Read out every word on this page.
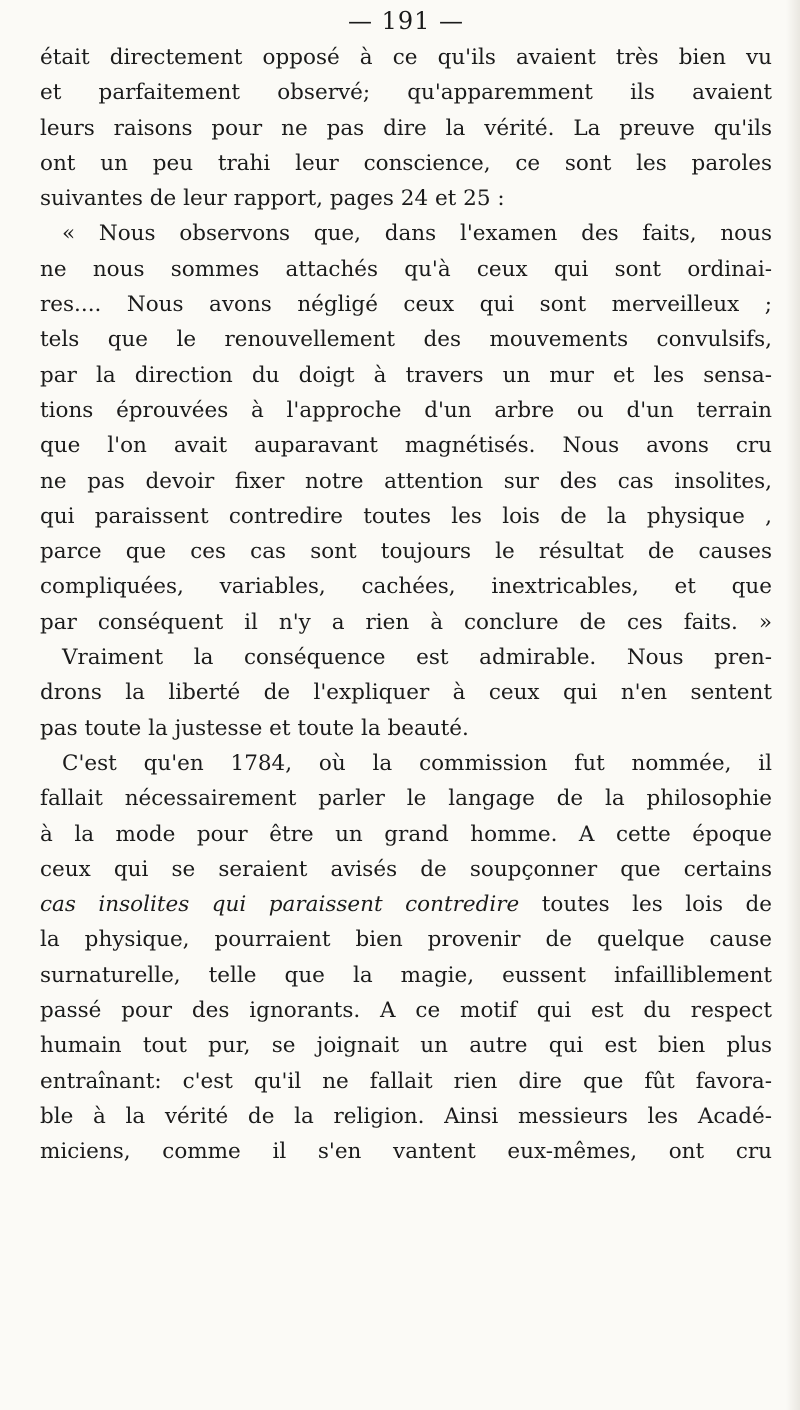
— 191 —
était directement opposé à ce qu'ils avaient très bien vu
et parfaitement observé; qu'apparemment ils avaient
leurs raisons pour ne pas dire la vérité. La preuve qu'ils
ont un peu trahi leur conscience, ce sont les paroles
suivantes de leur rapport, pages 24 et 25 :
« Nous observons que, dans l'examen des faits, nous
ne nous sommes attachés qu'à ceux qui sont ordinai-
res.... Nous avons négligé ceux qui sont merveilleux ;
tels que le renouvellement des mouvements convulsifs,
par la direction du doigt à travers un mur et les sensa-
tions éprouvées à l'approche d'un arbre ou d'un terrain
que l'on avait auparavant magnétisés. Nous avons cru
ne pas devoir fixer notre attention sur des cas insolites,
qui paraissent contredire toutes les lois de la physique ,
parce que ces cas sont toujours le résultat de causes
compliquées, variables, cachées, inextricables, et que
par conséquent il n'y a rien à conclure de ces faits. »
Vraiment la conséquence est admirable. Nous pren-
drons la liberté de l'expliquer à ceux qui n'en sentent
pas toute la justesse et toute la beauté.
C'est qu'en 1784, où la commission fut nommée, il
fallait nécessairement parler le langage de la philosophie
à la mode pour être un grand homme. A cette époque
ceux qui se seraient avisés de soupçonner que certains
cas insolites qui paraissent contredire toutes les lois de
la physique, pourraient bien provenir de quelque cause
surnaturelle, telle que la magie, eussent infailliblement
passé pour des ignorants. A ce motif qui est du respect
humain tout pur, se joignait un autre qui est bien plus
entraînant: c'est qu'il ne fallait rien dire que fût favora-
ble à la vérité de la religion. Ainsi messieurs les Acadé-
miciens, comme il s'en vantent eux-mêmes, ont cru
